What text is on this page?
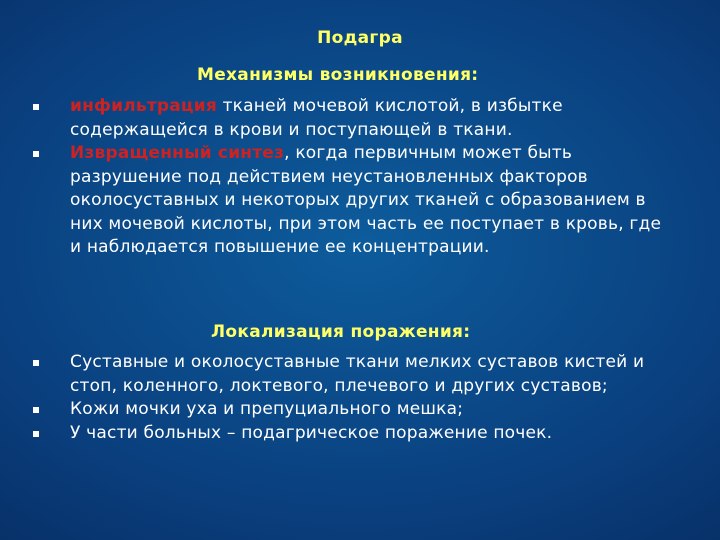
Подагра
Механизмы возникновения:
инфильтрация тканей мочевой кислотой, в избытке содержащейся в крови и поступающей в ткани.
Извращенный синтез, когда первичным может быть разрушение под действием неустановленных факторов околосуставных и некоторых других тканей с образованием в них мочевой кислоты, при этом часть ее поступает в кровь, где и наблюдается повышение ее концентрации.
Локализация поражения:
Суставные и околосуставные ткани мелких суставов кистей и стоп, коленного, локтевого, плечевого и других суставов;
Кожи мочки уха и препуциального мешка;
У части больных – подагрическое поражение почек.
